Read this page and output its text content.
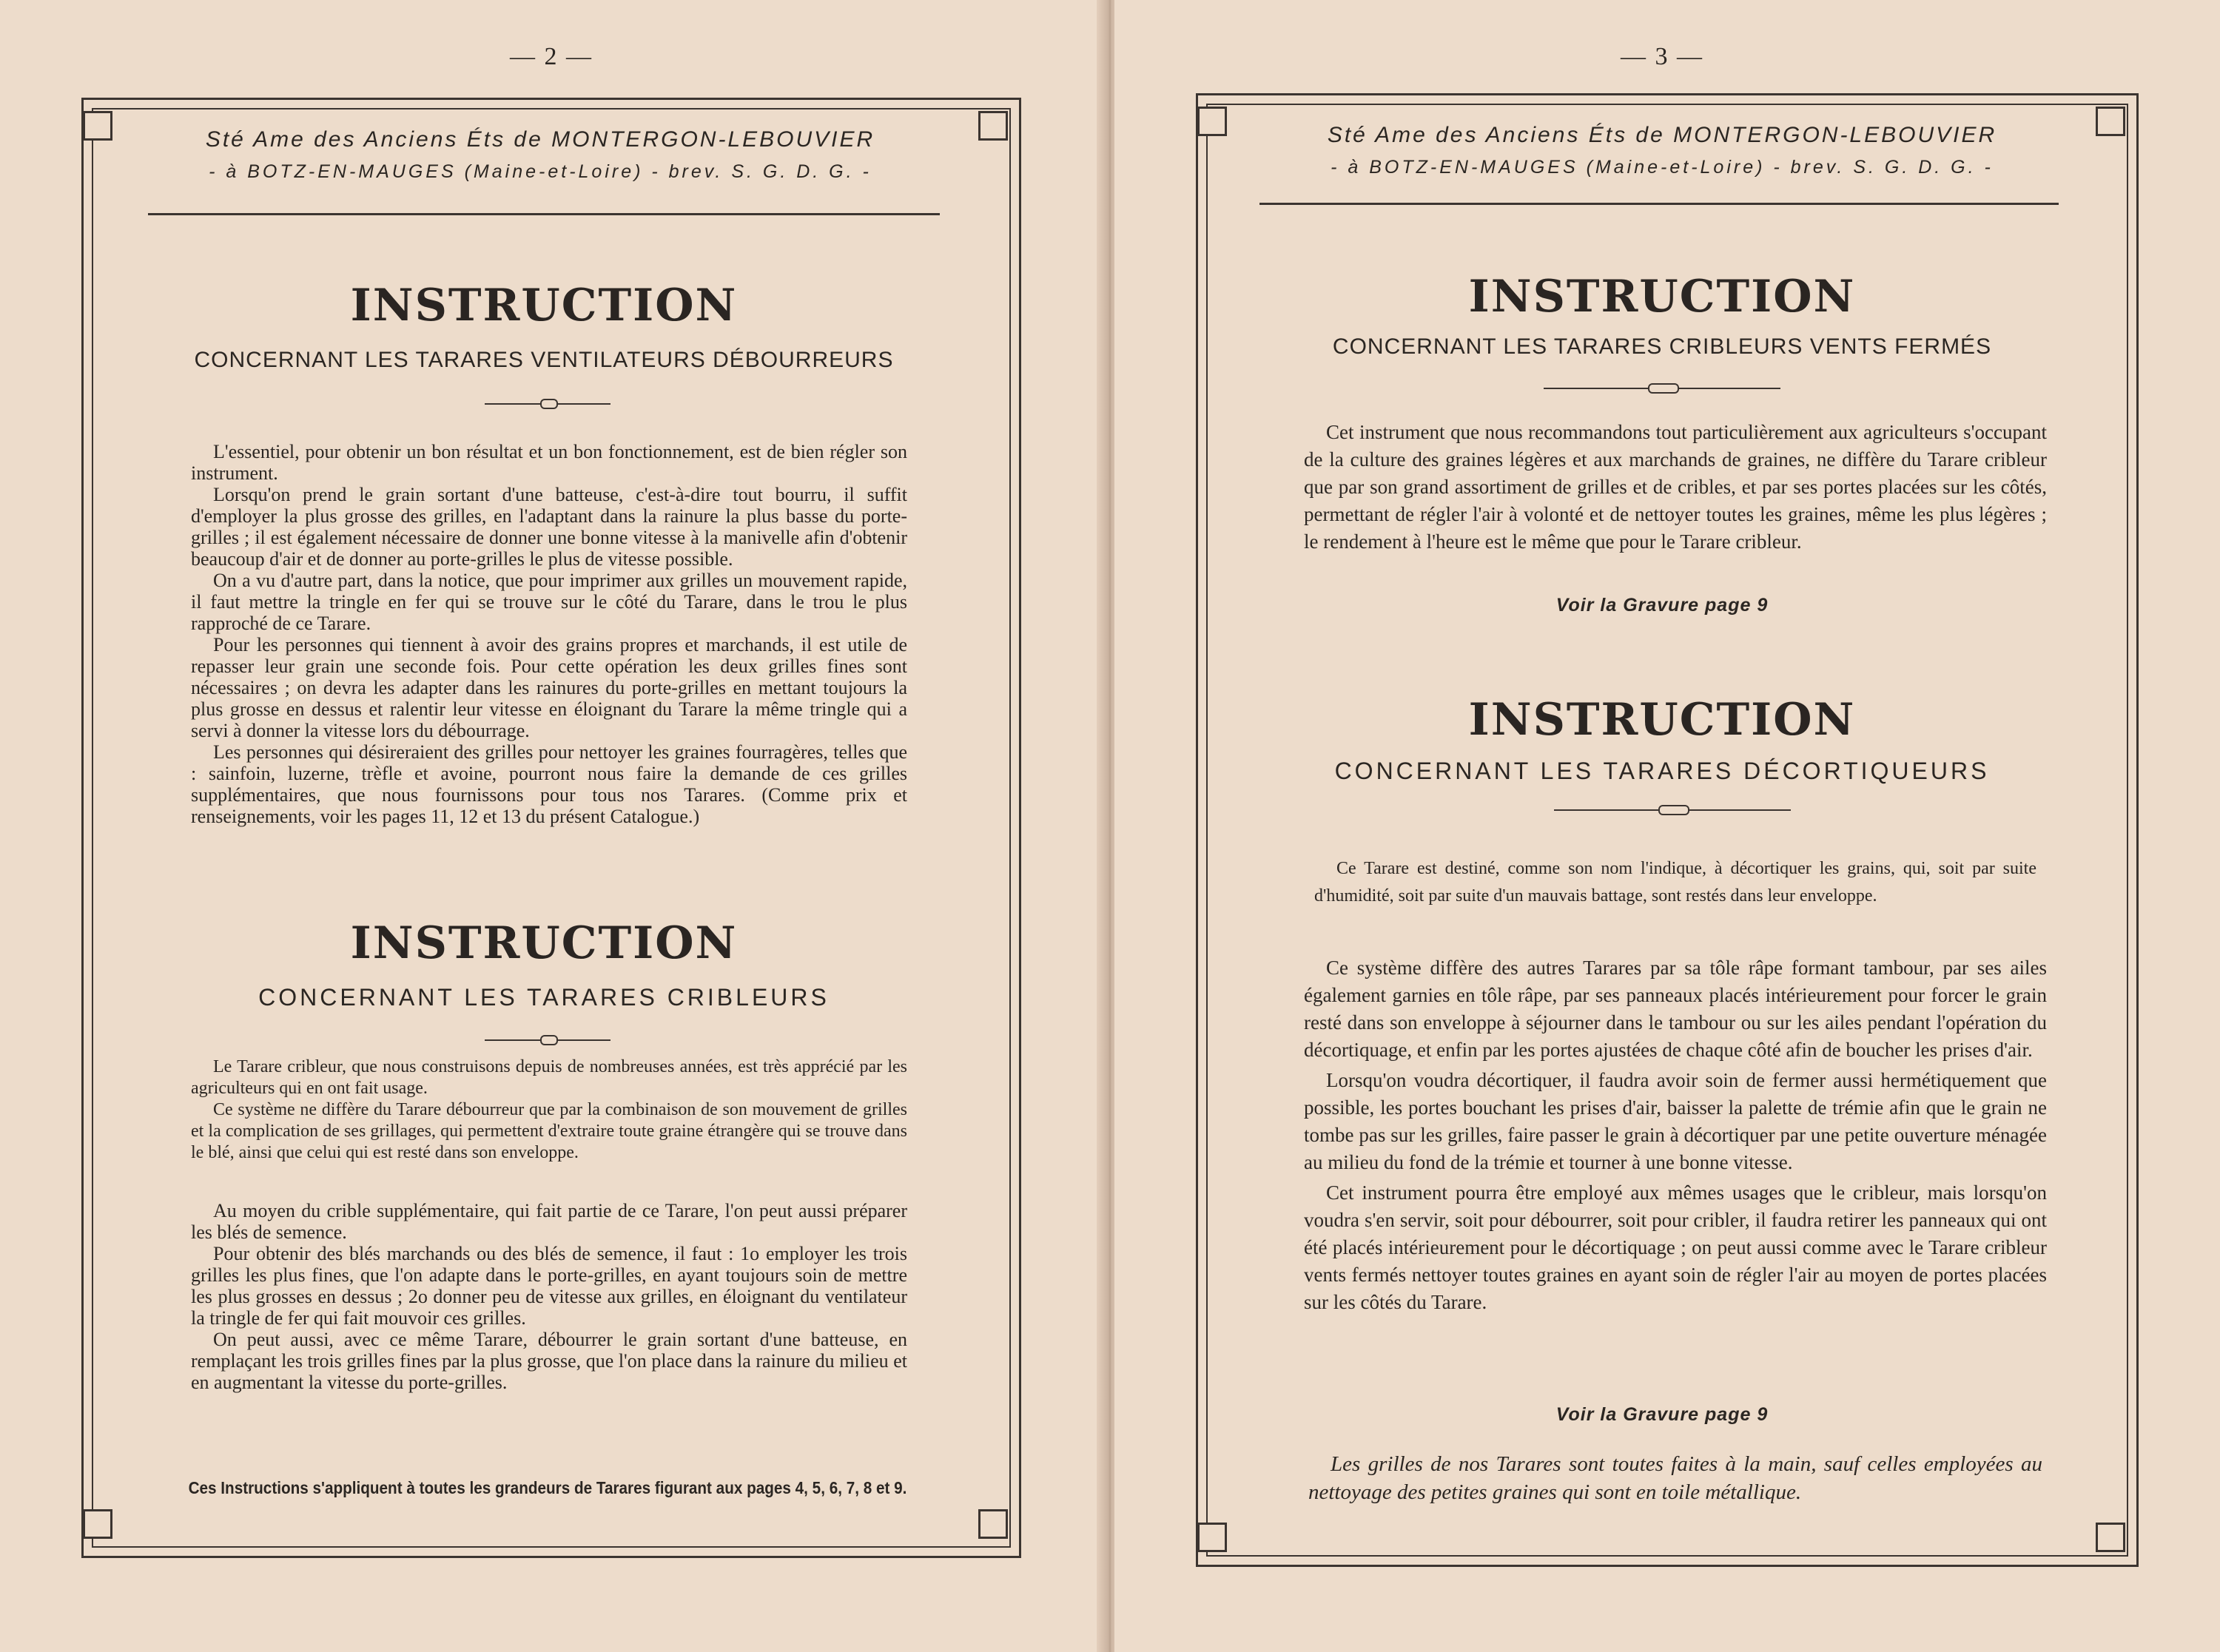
— 2 —
Sté Ame des Anciens Éts de MONTERGON-LEBOUVIER
- à BOTZ-EN-MAUGES (Maine-et-Loire) - brev. S. G. D. G. -
INSTRUCTION
CONCERNANT LES TARARES VENTILATEURS DÉBOURREURS

L'essentiel, pour obtenir un bon résultat et un bon fonctionnement, est de bien régler son instrument.

Lorsqu'on prend le grain sortant d'une batteuse, c'est-à-dire tout bourru, il suffit d'employer la plus grosse des grilles, en l'adaptant dans la rainure la plus basse du porte-grilles ; il est également nécessaire de donner une bonne vitesse à la manivelle afin d'obtenir beaucoup d'air et de donner au porte-grilles le plus de vitesse possible.

On a vu d'autre part, dans la notice, que pour imprimer aux grilles un mouvement rapide, il faut mettre la tringle en fer qui se trouve sur le côté du Tarare, dans le trou le plus rapproché de ce Tarare.

Pour les personnes qui tiennent à avoir des grains propres et marchands, il est utile de repasser leur grain une seconde fois. Pour cette opération les deux grilles fines sont nécessaires ; on devra les adapter dans les rainures du porte-grilles en mettant toujours la plus grosse en dessus et ralentir leur vitesse en éloignant du Tarare la même tringle qui a servi à donner la vitesse lors du débourrage.

Les personnes qui désireraient des grilles pour nettoyer les graines fourragères, telles que : sainfoin, luzerne, trèfle et avoine, pourront nous faire la demande de ces grilles supplémentaires, que nous fournissons pour tous nos Tarares. (Comme prix et renseignements, voir les pages 11, 12 et 13 du présent Catalogue.)

INSTRUCTION
CONCERNANT LES TARARES CRIBLEURS

Le Tarare cribleur, que nous construisons depuis de nombreuses années, est très apprécié par les agriculteurs qui en ont fait usage.

Ce système ne diffère du Tarare débourreur que par la combinaison de son mouvement de grilles et la complication de ses grillages, qui permettent d'extraire toute graine étrangère qui se trouve dans le blé, ainsi que celui qui est resté dans son enveloppe.

Au moyen du crible supplémentaire, qui fait partie de ce Tarare, l'on peut aussi préparer les blés de semence.

Pour obtenir des blés marchands ou des blés de semence, il faut : 1o employer les trois grilles les plus fines, que l'on adapte dans le porte-grilles, en ayant toujours soin de mettre les plus grosses en dessus ; 2o donner peu de vitesse aux grilles, en éloignant du ventilateur la tringle de fer qui fait mouvoir ces grilles.

On peut aussi, avec ce même Tarare, débourrer le grain sortant d'une batteuse, en remplaçant les trois grilles fines par la plus grosse, que l'on place dans la rainure du milieu et en augmentant la vitesse du porte-grilles.

Ces Instructions s'appliquent à toutes les grandeurs de Tarares figurant aux pages 4, 5, 6, 7, 8 et 9.
— 3 —
Sté Ame des Anciens Éts de MONTERGON-LEBOUVIER
- à BOTZ-EN-MAUGES (Maine-et-Loire) - brev. S. G. D. G. -
INSTRUCTION
CONCERNANT LES TARARES CRIBLEURS VENTS FERMÉS

Cet instrument que nous recommandons tout particulièrement aux agriculteurs s'occupant de la culture des graines légères et aux marchands de graines, ne diffère du Tarare cribleur que par son grand assortiment de grilles et de cribles, et par ses portes placées sur les côtés, permettant de régler l'air à volonté et de nettoyer toutes les graines, même les plus légères ; le rendement à l'heure est le même que pour le Tarare cribleur.

Voir la Gravure page 9
INSTRUCTION
CONCERNANT LES TARARES DÉCORTIQUEURS

Ce Tarare est destiné, comme son nom l'indique, à décortiquer les grains, qui, soit par suite d'humidité, soit par suite d'un mauvais battage, sont restés dans leur enveloppe.

Ce système diffère des autres Tarares par sa tôle râpe formant tambour, par ses ailes également garnies en tôle râpe, par ses panneaux placés intérieurement pour forcer le grain resté dans son enveloppe à séjourner dans le tambour ou sur les ailes pendant l'opération du décortiquage, et enfin par les portes ajustées de chaque côté afin de boucher les prises d'air.

Lorsqu'on voudra décortiquer, il faudra avoir soin de fermer aussi hermétiquement que possible, les portes bouchant les prises d'air, baisser la palette de trémie afin que le grain ne tombe pas sur les grilles, faire passer le grain à décortiquer par une petite ouverture ménagée au milieu du fond de la trémie et tourner à une bonne vitesse.

Cet instrument pourra être employé aux mêmes usages que le cribleur, mais lorsqu'on voudra s'en servir, soit pour débourrer, soit pour cribler, il faudra retirer les panneaux qui ont été placés intérieurement pour le décortiquage ; on peut aussi comme avec le Tarare cribleur vents fermés nettoyer toutes graines en ayant soin de régler l'air au moyen de portes placées sur les côtés du Tarare.

Voir la Gravure page 9

Les grilles de nos Tarares sont toutes faites à la main, sauf celles employées au nettoyage des petites graines qui sont en toile métallique.
